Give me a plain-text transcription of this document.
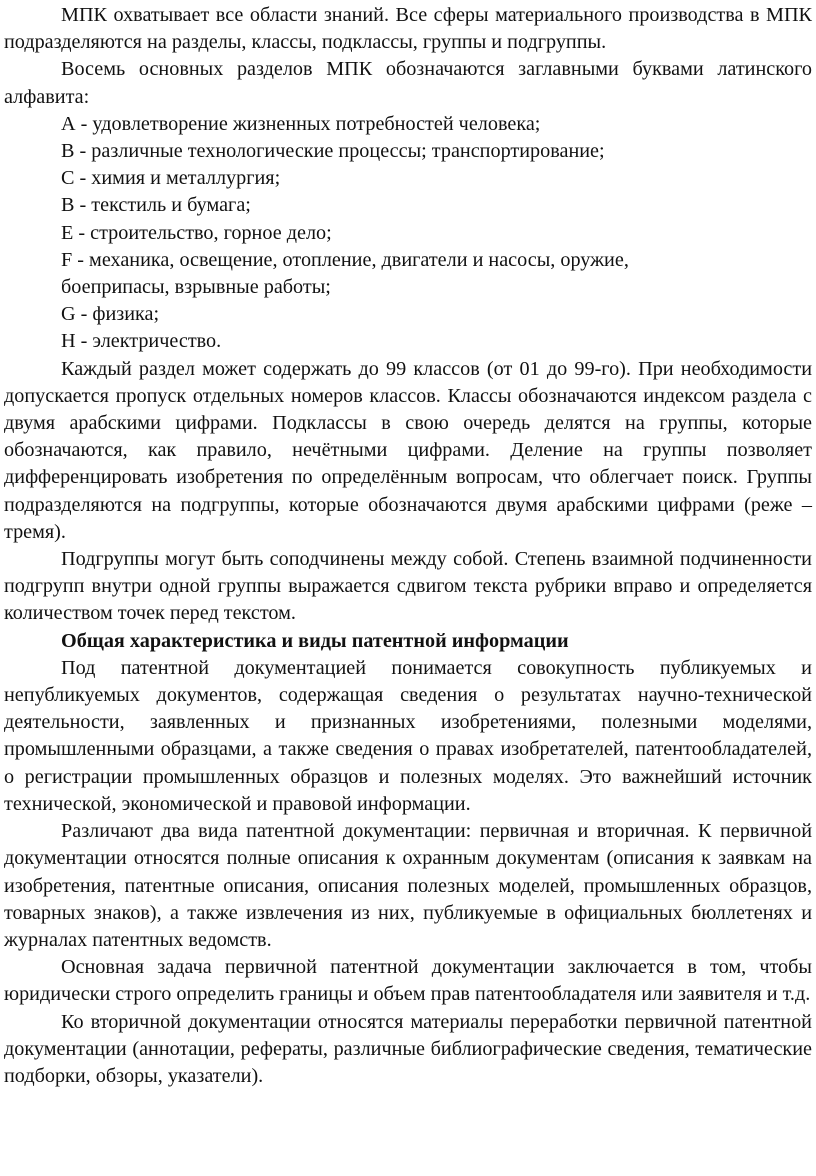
МПК охватывает все области знаний. Все сферы материального производства в МПК подразделяются на разделы, классы, подклассы, группы и подгруппы.

Восемь основных разделов МПК обозначаются заглавными буквами латинского алфавита:

А - удовлетворение жизненных потребностей человека;

В - различные технологические процессы; транспортирование;

С - химия и металлургия;

В - текстиль и бумага;

Е - строительство, горное дело;

F - механика, освещение, отопление, двигатели и насосы, оружие,

боеприпасы, взрывные работы;

G - физика;

Н - электричество.

Каждый раздел может содержать до 99 классов (от 01 до 99-го). При необходимости допускается пропуск отдельных номеров классов. Классы обозначаются индексом раздела с двумя арабскими цифрами. Подклассы в свою очередь делятся на группы, которые обозначаются, как правило, нечётными цифрами. Деление на группы позволяет дифференцировать изобретения по определённым вопросам, что облегчает поиск. Группы подразделяются на подгруппы, которые обозначаются двумя арабскими цифрами (реже – тремя).

Подгруппы могут быть соподчинены между собой. Степень взаимной подчиненности подгрупп внутри одной группы выражается сдвигом текста рубрики вправо и определяется количеством точек перед текстом.

Общая характеристика и виды патентной информации

Под патентной документацией понимается совокупность публикуемых и непубликуемых документов, содержащая сведения о результатах научно-технической деятельности, заявленных и признанных изобретениями, полезными моделями, промышленными образцами, а также сведения о правах изобретателей, патентообладателей, о регистрации промышленных образцов и полезных моделях. Это важнейший источник технической, экономической и правовой информации.

Различают два вида патентной документации: первичная и вторичная. К первичной документации относятся полные описания к охранным документам (описания к заявкам на изобретения, патентные описания, описания полезных моделей, промышленных образцов, товарных знаков), а также извлечения из них, публикуемые в официальных бюллетенях и журналах патентных ведомств.

Основная задача первичной патентной документации заключается в том, чтобы юридически строго определить границы и объем прав патентообладателя или заявителя и т.д.

Ко вторичной документации относятся материалы переработки первичной патентной документации (аннотации, рефераты, различные библиографические сведения, тематические подборки, обзоры, указатели).
